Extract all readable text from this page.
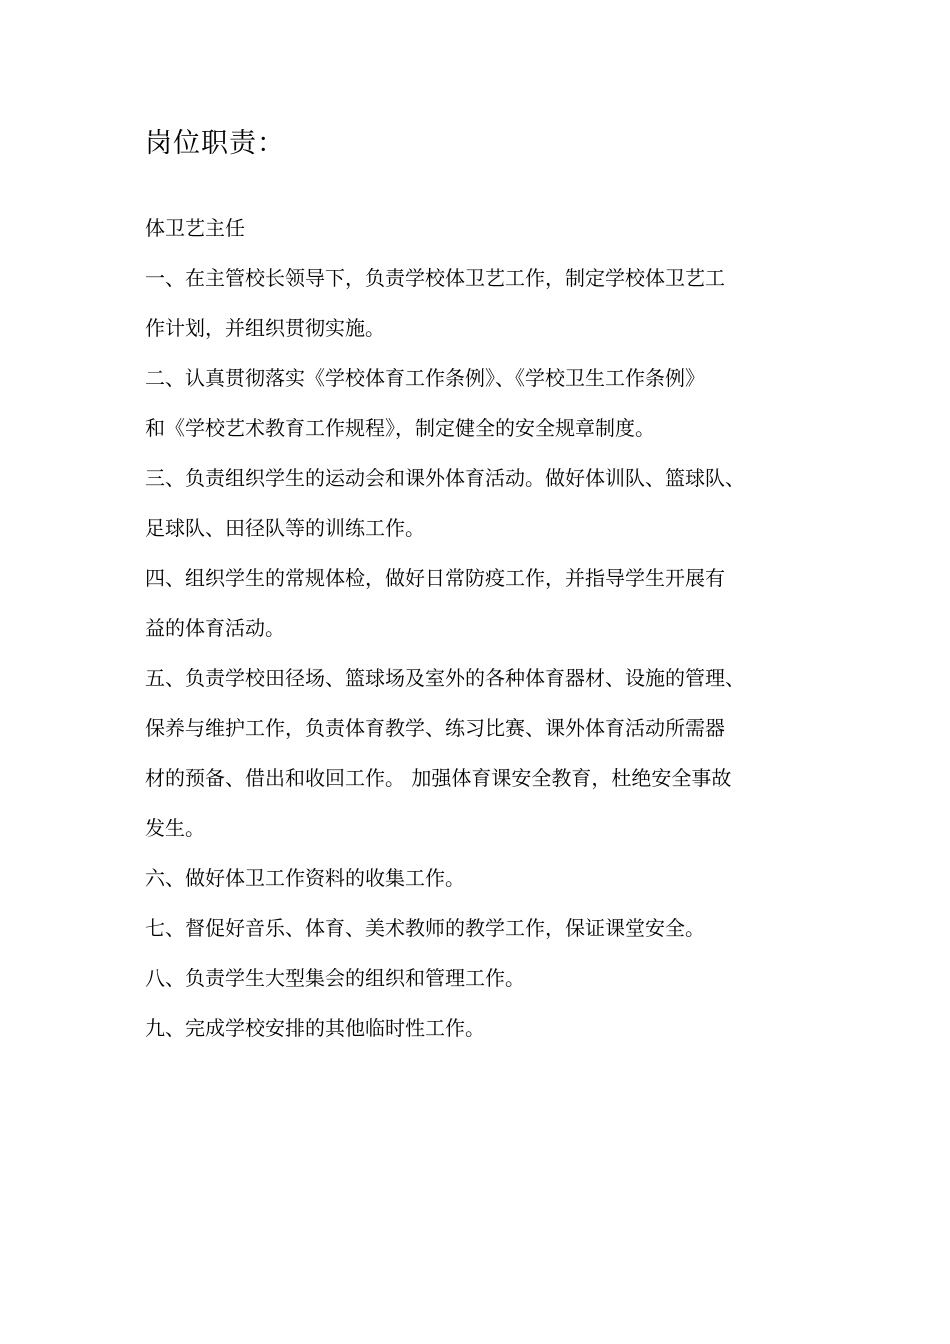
岗位职责：
体卫艺主任
一、在主管校长领导下，负责学校体卫艺工作，制定学校体卫艺工
作计划，并组织贯彻实施。
二、认真贯彻落实《学校体育工作条例》、《学校卫生工作条例》
和《学校艺术教育工作规程》，制定健全的安全规章制度。
三、负责组织学生的运动会和课外体育活动。做好体训队、篮球队、
足球队、田径队等的训练工作。
四、组织学生的常规体检，做好日常防疫工作，并指导学生开展有
益的体育活动。
五、负责学校田径场、篮球场及室外的各种体育器材、设施的管理、
保养与维护工作，负责体育教学、练习比赛、课外体育活动所需器
材的预备、借出和收回工作。 加强体育课安全教育，杜绝安全事故
发生。
六、做好体卫工作资料的收集工作。
七、督促好音乐、体育、美术教师的教学工作，保证课堂安全。
八、负责学生大型集会的组织和管理工作。
九、完成学校安排的其他临时性工作。
